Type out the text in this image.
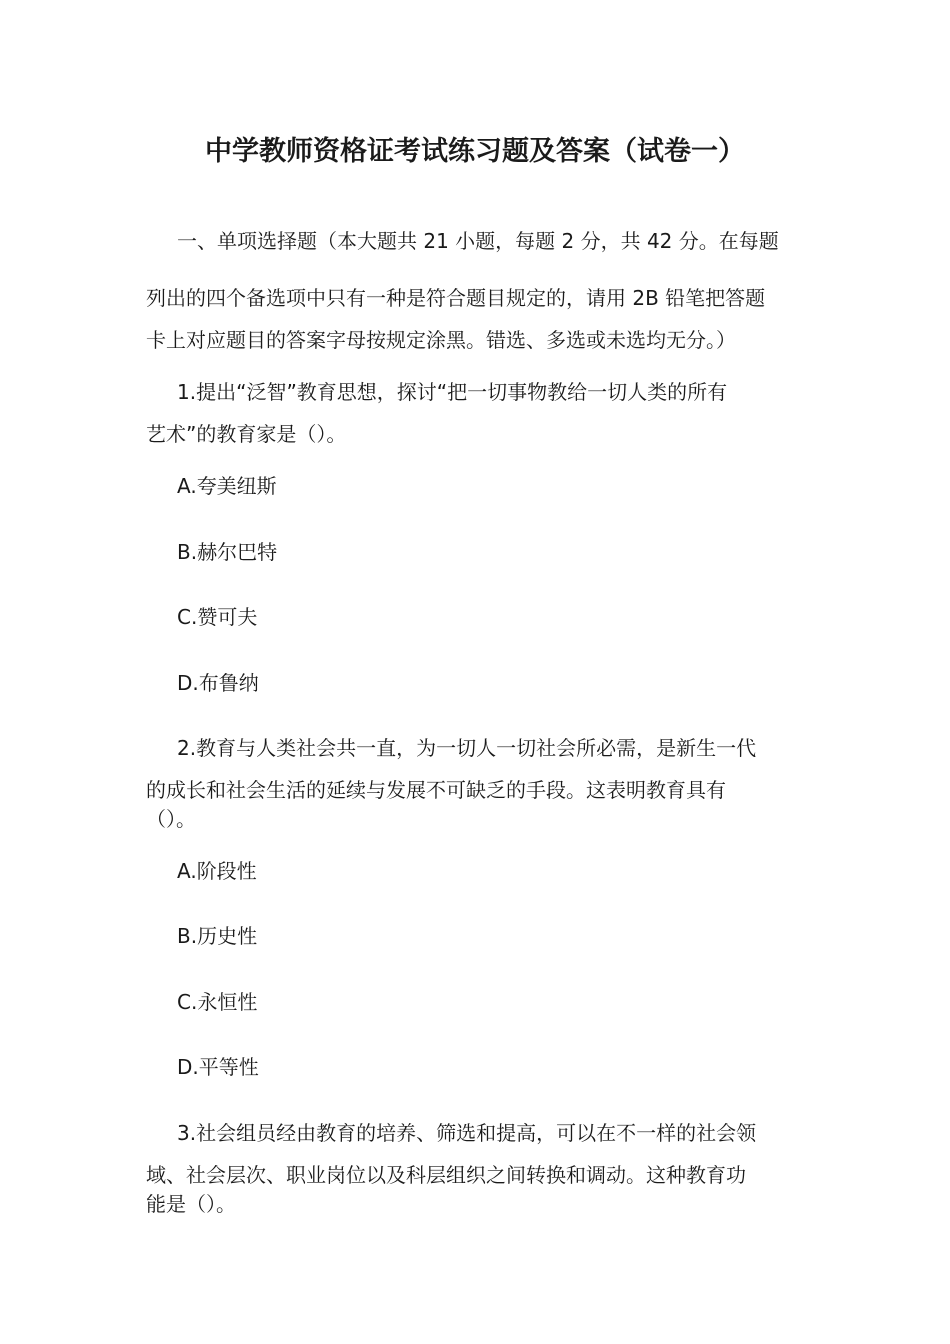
中学教师资格证考试练习题及答案（试卷一）

一、单项选择题（本大题共 21 小题，每题 2 分，共 42 分。在每题

列出的四个备选项中只有一种是符合题目规定的，请用 2B 铅笔把答题

卡上对应题目的答案字母按规定涂黑。错选、多选或未选均无分。）

1.提出“泛智”教育思想，探讨“把一切事物教给一切人类的所有

艺术”的教育家是（）。

A.夸美纽斯

B.赫尔巴特

C.赞可夫

D.布鲁纳

2.教育与人类社会共一直，为一切人一切社会所必需，是新生一代

的成长和社会生活的延续与发展不可缺乏的手段。这表明教育具有

（）。

A.阶段性

B.历史性

C.永恒性

D.平等性

3.社会组员经由教育的培养、筛选和提高，可以在不一样的社会领

域、社会层次、职业岗位以及科层组织之间转换和调动。这种教育功

能是（）。
